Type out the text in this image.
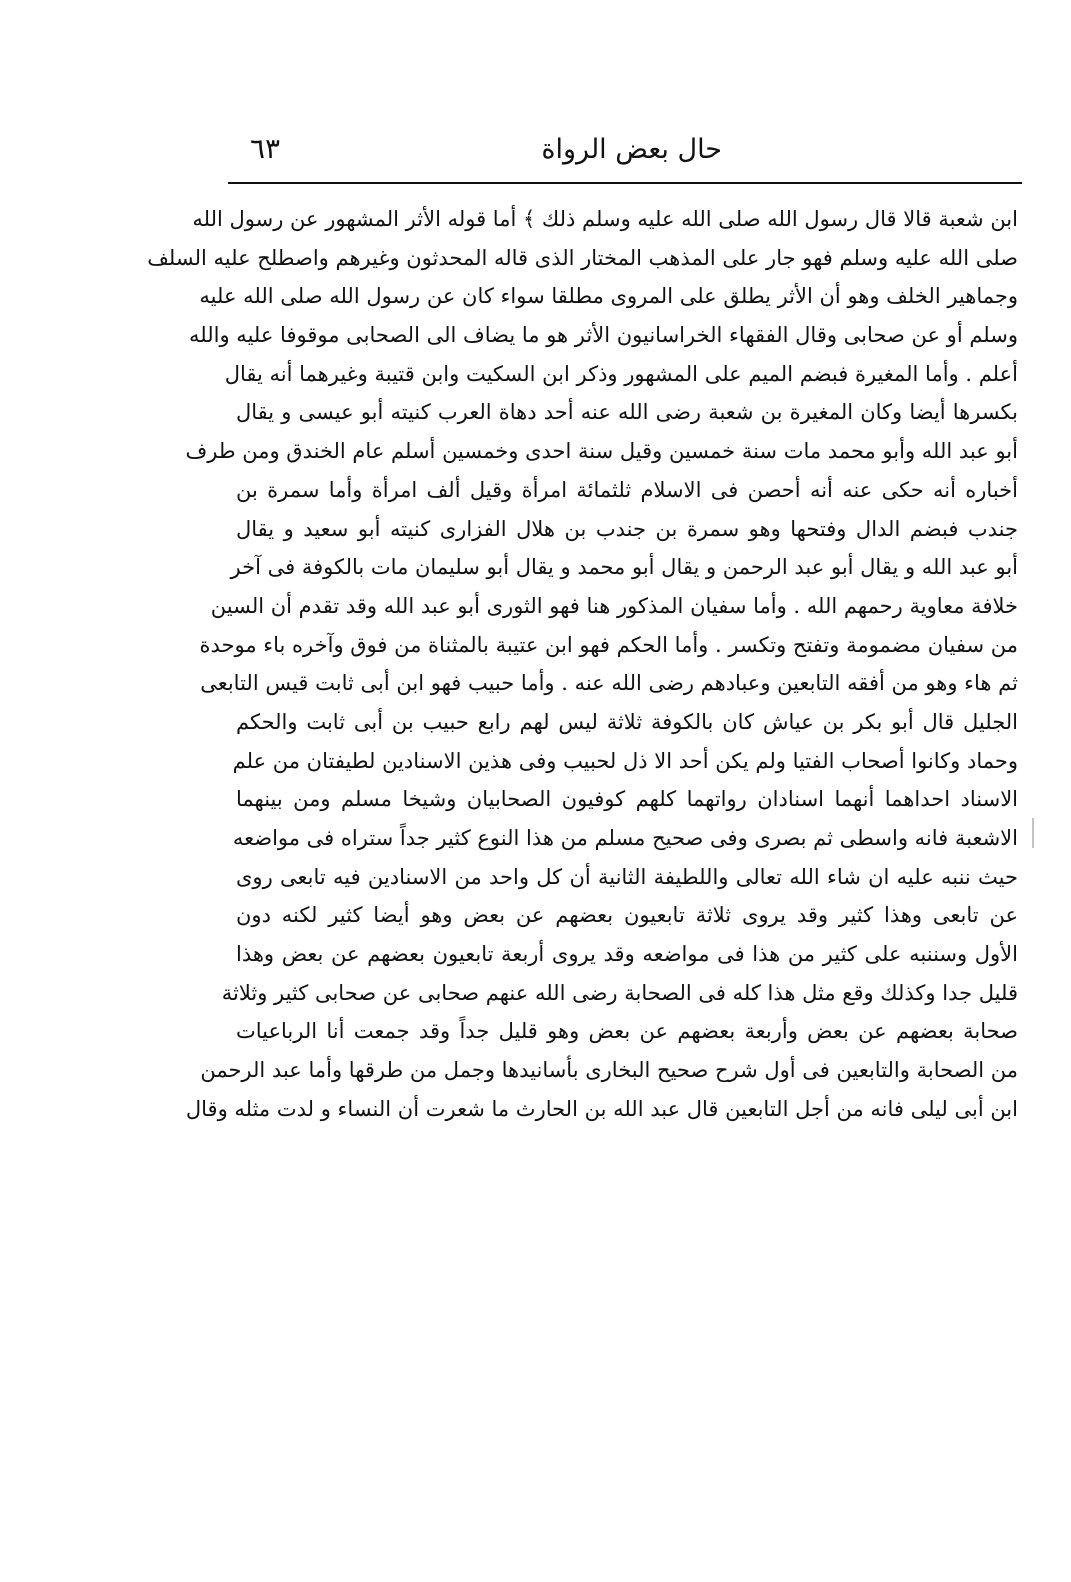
حال بعض الرواة
٦٣
ابن شعبة قالا قال رسول الله صلى الله عليه وسلم ذلك ﴾ أما قوله الأثر المشهور عن رسول الله
صلى الله عليه وسلم فهو جار على المذهب المختار الذى قاله المحدثون وغيرهم واصطلح عليه السلف
وجماهير الخلف وهو أن الأثر يطلق على المروى مطلقا سواء كان عن رسول الله صلى الله عليه
وسلم أو عن صحابى وقال الفقهاء الخراسانيون الأثر هو ما يضاف الى الصحابى موقوفا عليه والله
أعلم . وأما المغيرة فبضم الميم على المشهور وذكر ابن السكيت وابن قتيبة وغيرهما أنه يقال
بكسرها أيضا وكان المغيرة بن شعبة رضى الله عنه أحد دهاة العرب كنيته أبو عيسى و يقال
أبو عبد الله وأبو محمد مات سنة خمسين وقيل سنة احدى وخمسين أسلم عام الخندق ومن طرف
أخباره أنه حكى عنه أنه أحصن فى الاسلام ثلثمائة امرأة وقيل ألف امرأة وأما سمرة بن
جندب فبضم الدال وفتحها وهو سمرة بن جندب بن هلال الفزارى كنيته أبو سعيد و يقال
أبو عبد الله و يقال أبو عبد الرحمن و يقال أبو محمد و يقال أبو سليمان مات بالكوفة فى آخر
خلافة معاوية رحمهم الله . وأما سفيان المذكور هنا فهو الثورى أبو عبد الله وقد تقدم أن السين
من سفيان مضمومة وتفتح وتكسر . وأما الحكم فهو ابن عتيبة بالمثناة من فوق وآخره باء موحدة
ثم هاء وهو من أفقه التابعين وعبادهم رضى الله عنه . وأما حبيب فهو ابن أبى ثابت قيس التابعى
الجليل قال أبو بكر بن عياش كان بالكوفة ثلاثة ليس لهم رابع حبيب بن أبى ثابت والحكم
وحماد وكانوا أصحاب الفتيا ولم يكن أحد الا ذل لحبيب وفى هذين الاسنادين لطيفتان من علم
الاسناد احداهما أنهما اسنادان رواتهما كلهم كوفيون الصحابيان وشيخا مسلم ومن بينهما
الاشعبة فانه واسطى ثم بصرى وفى صحيح مسلم من هذا النوع كثير جداً ستراه فى مواضعه
حيث ننبه عليه ان شاء الله تعالى واللطيفة الثانية أن كل واحد من الاسنادين فيه تابعى روى
عن تابعى وهذا كثير وقد يروى ثلاثة تابعيون بعضهم عن بعض وهو أيضا كثير لكنه دون
الأول وسننبه على كثير من هذا فى مواضعه وقد يروى أربعة تابعيون بعضهم عن بعض وهذا
قليل جدا وكذلك وقع مثل هذا كله فى الصحابة رضى الله عنهم صحابى عن صحابى كثير وثلاثة
صحابة بعضهم عن بعض وأربعة بعضهم عن بعض وهو قليل جداً وقد جمعت أنا الرباعيات
من الصحابة والتابعين فى أول شرح صحيح البخارى بأسانيدها وجمل من طرقها وأما عبد الرحمن
ابن أبى ليلى فانه من أجل التابعين قال عبد الله بن الحارث ما شعرت أن النساء و لدت مثله وقال
